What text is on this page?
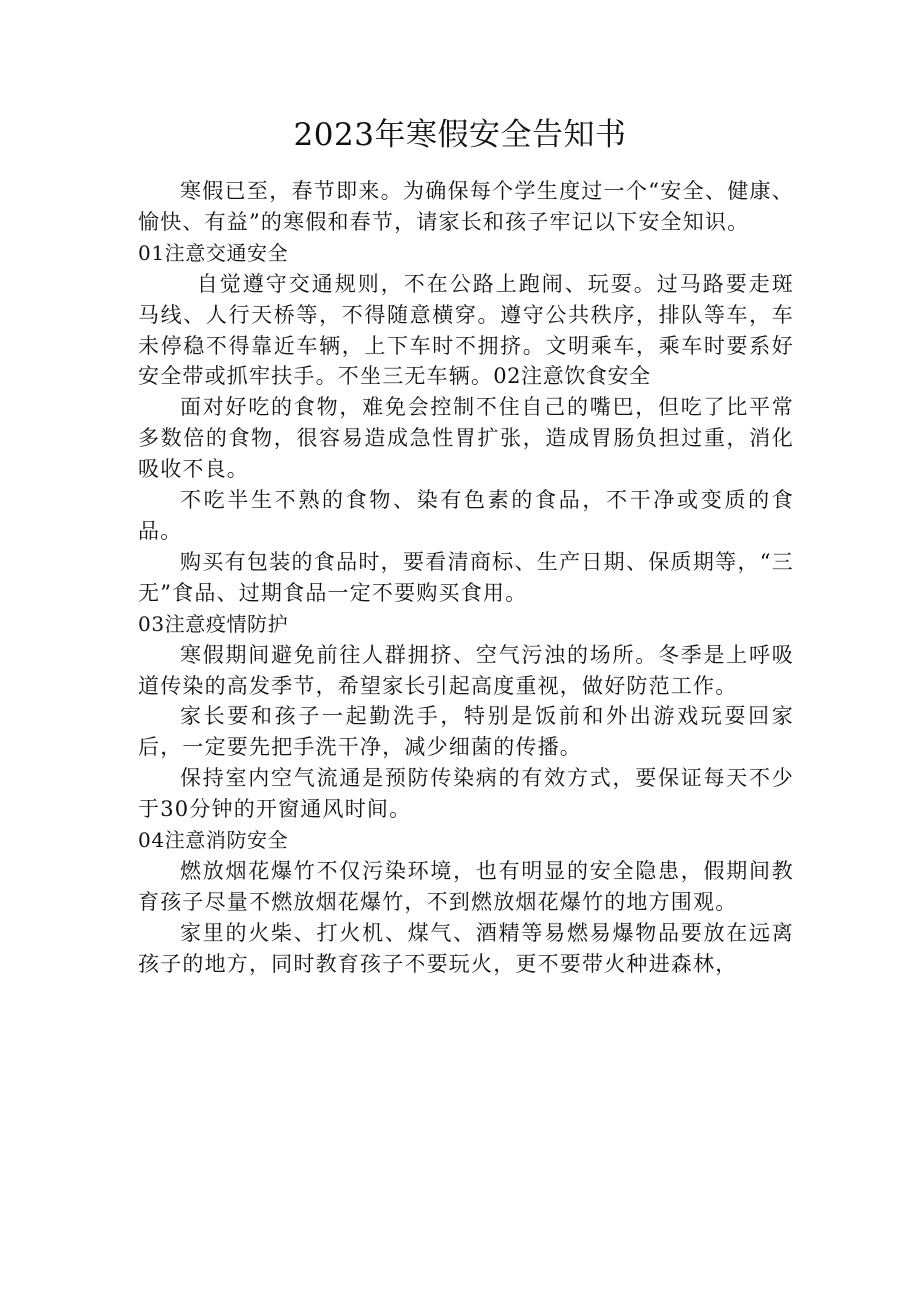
2023年寒假安全告知书

寒假已至，春节即来。为确保每个学生度过一个“安全、健康、愉快、有益”的寒假和春节，请家长和孩子牢记以下安全知识。

01注意交通安全

自觉遵守交通规则，不在公路上跑闹、玩耍。过马路要走斑马线、人行天桥等，不得随意横穿。遵守公共秩序，排队等车，车未停稳不得靠近车辆，上下车时不拥挤。文明乘车，乘车时要系好安全带或抓牢扶手。不坐三无车辆。02注意饮食安全

面对好吃的食物，难免会控制不住自己的嘴巴，但吃了比平常多数倍的食物，很容易造成急性胃扩张，造成胃肠负担过重，消化吸收不良。

不吃半生不熟的食物、染有色素的食品，不干净或变质的食品。

购买有包装的食品时，要看清商标、生产日期、保质期等，“三无”食品、过期食品一定不要购买食用。

03注意疫情防护

寒假期间避免前往人群拥挤、空气污浊的场所。冬季是上呼吸道传染的高发季节，希望家长引起高度重视，做好防范工作。

家长要和孩子一起勤洗手，特别是饭前和外出游戏玩耍回家后，一定要先把手洗干净，减少细菌的传播。

保持室内空气流通是预防传染病的有效方式，要保证每天不少于30分钟的开窗通风时间。

04注意消防安全

燃放烟花爆竹不仅污染环境，也有明显的安全隐患，假期间教育孩子尽量不燃放烟花爆竹，不到燃放烟花爆竹的地方围观。

家里的火柴、打火机、煤气、酒精等易燃易爆物品要放在远离孩子的地方，同时教育孩子不要玩火，更不要带火种进森林，
